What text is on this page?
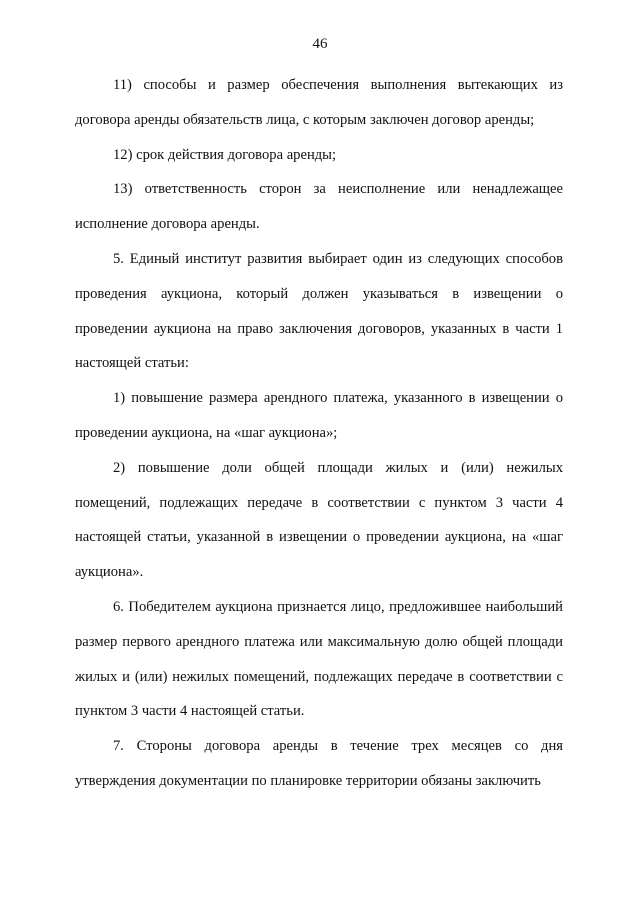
46

11) способы и размер обеспечения выполнения вытекающих из договора аренды обязательств лица, с которым заключен договор аренды;

12) срок действия договора аренды;

13) ответственность сторон за неисполнение или ненадлежащее исполнение договора аренды.

5. Единый институт развития выбирает один из следующих способов проведения аукциона, который должен указываться в извещении о проведении аукциона на право заключения договоров, указанных в части 1 настоящей статьи:

1) повышение размера арендного платежа, указанного в извещении о проведении аукциона, на «шаг аукциона»;

2) повышение доли общей площади жилых и (или) нежилых помещений, подлежащих передаче в соответствии с пунктом 3 части 4 настоящей статьи, указанной в извещении о проведении аукциона, на «шаг аукциона».

6. Победителем аукциона признается лицо, предложившее наибольший размер первого арендного платежа или максимальную долю общей площади жилых и (или) нежилых помещений, подлежащих передаче в соответствии с пунктом 3 части 4 настоящей статьи.

7. Стороны договора аренды в течение трех месяцев со дня утверждения документации по планировке территории обязаны заключить
